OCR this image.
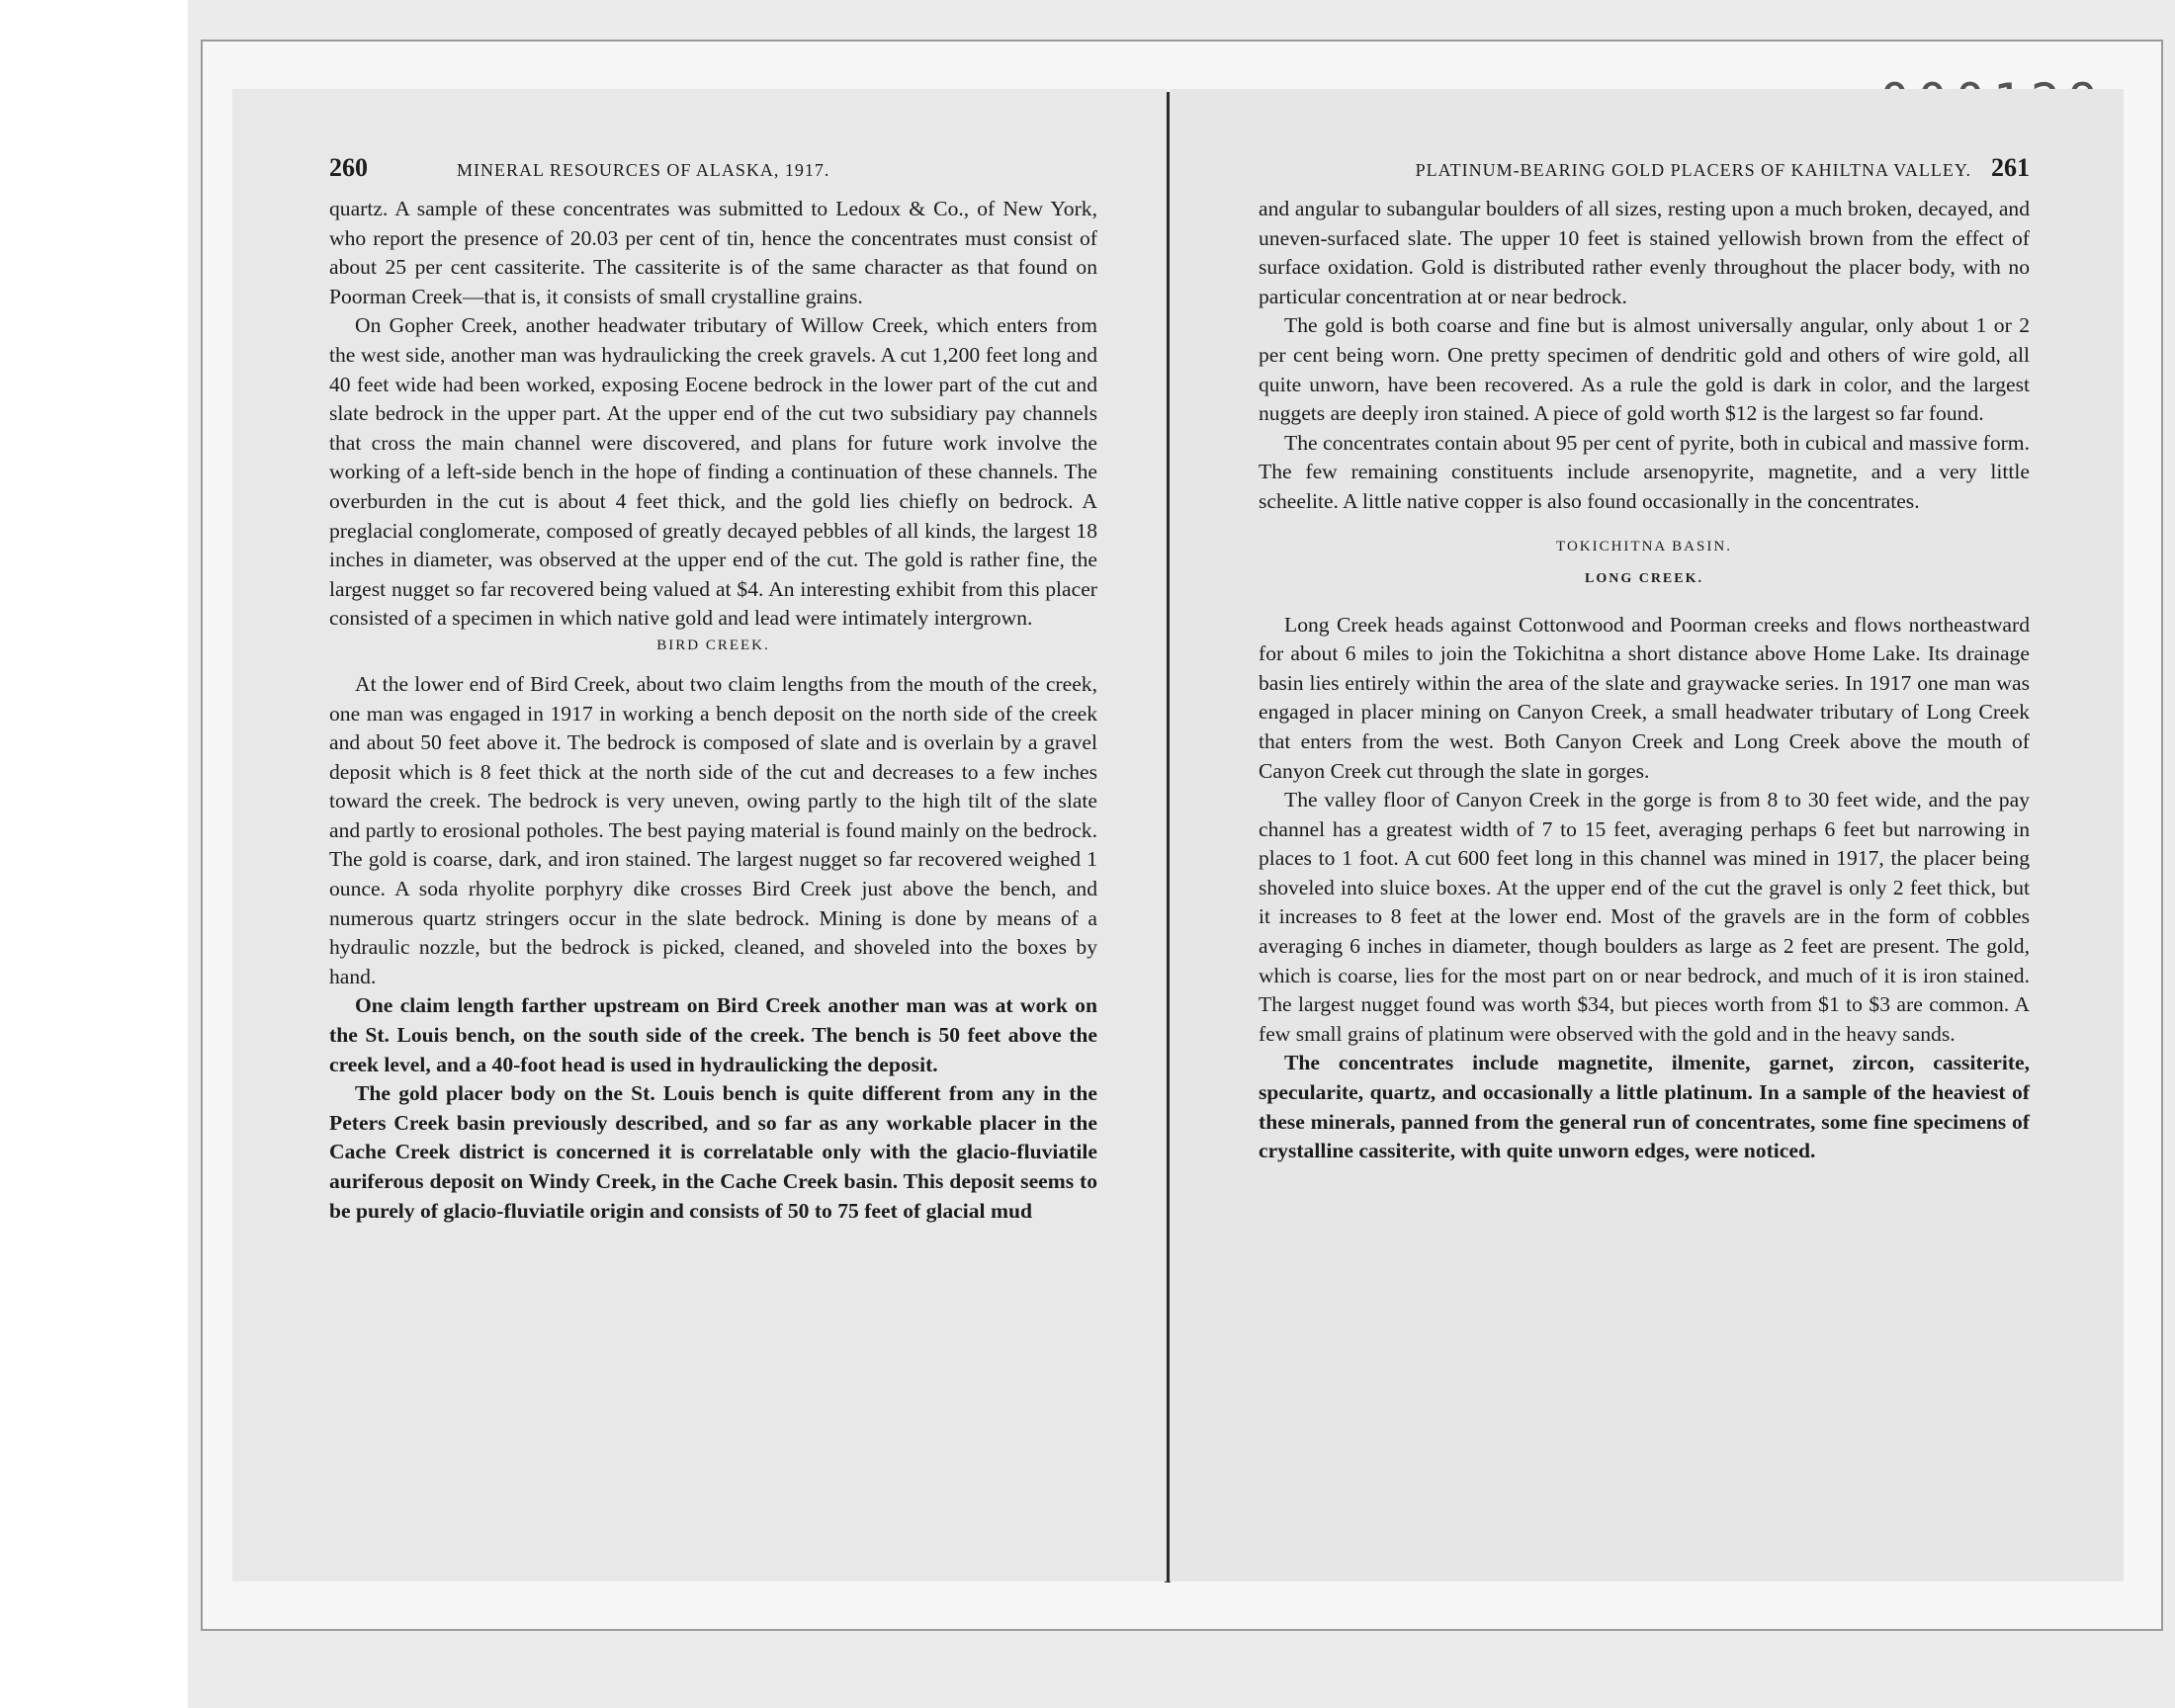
260	MINERAL RESOURCES OF ALASKA, 1917.

quartz. A sample of these concentrates was submitted to Ledoux & Co., of New York, who report the presence of 20.03 per cent of tin, hence the concentrates must consist of about 25 per cent cassiterite. The cassiterite is of the same character as that found on Poorman Creek—that is, it consists of small crystalline grains.

On Gopher Creek, another headwater tributary of Willow Creek, which enters from the west side, another man was hydraulicking the creek gravels. A cut 1,200 feet long and 40 feet wide had been worked, exposing Eocene bedrock in the lower part of the cut and slate bedrock in the upper part. At the upper end of the cut two subsidiary pay channels that cross the main channel were discovered, and plans for future work involve the working of a left-side bench in the hope of finding a continuation of these channels. The overburden in the cut is about 4 feet thick, and the gold lies chiefly on bedrock. A preglacial conglomerate, composed of greatly decayed pebbles of all kinds, the largest 18 inches in diameter, was observed at the upper end of the cut. The gold is rather fine, the largest nugget so far recovered being valued at $4. An interesting exhibit from this placer consisted of a specimen in which native gold and lead were intimately intergrown.

BIRD CREEK.

At the lower end of Bird Creek, about two claim lengths from the mouth of the creek, one man was engaged in 1917 in working a bench deposit on the north side of the creek and about 50 feet above it. The bedrock is composed of slate and is overlain by a gravel deposit which is 8 feet thick at the north side of the cut and decreases to a few inches toward the creek. The bedrock is very uneven, owing partly to the high tilt of the slate and partly to erosional potholes. The best paying material is found mainly on the bedrock. The gold is coarse, dark, and iron stained. The largest nugget so far recovered weighed 1 ounce. A soda rhyolite porphyry dike crosses Bird Creek just above the bench, and numerous quartz stringers occur in the slate bedrock. Mining is done by means of a hydraulic nozzle, but the bedrock is picked, cleaned, and shoveled into the boxes by hand.

One claim length farther upstream on Bird Creek another man was at work on the St. Louis bench, on the south side of the creek. The bench is 50 feet above the creek level, and a 40-foot head is used in hydraulicking the deposit.

The gold placer body on the St. Louis bench is quite different from any in the Peters Creek basin previously described, and so far as any workable placer in the Cache Creek district is concerned it is correlatable only with the glacio-fluviatile auriferous deposit on Windy Creek, in the Cache Creek basin. This deposit seems to be purely of glacio-fluviatile origin and consists of 50 to 75 feet of glacial mud

PLATINUM-BEARING GOLD PLACERS OF KAHILTNA VALLEY. 261

and angular to subangular boulders of all sizes, resting upon a much broken, decayed, and uneven-surfaced slate. The upper 10 feet is stained yellowish brown from the effect of surface oxidation. Gold is distributed rather evenly throughout the placer body, with no particular concentration at or near bedrock.

The gold is both coarse and fine but is almost universally angular, only about 1 or 2 per cent being worn. One pretty specimen of dendritic gold and others of wire gold, all quite unworn, have been recovered. As a rule the gold is dark in color, and the largest nuggets are deeply iron stained. A piece of gold worth $12 is the largest so far found.

The concentrates contain about 95 per cent of pyrite, both in cubical and massive form. The few remaining constituents include arsenopyrite, magnetite, and a very little scheelite. A little native copper is also found occasionally in the concentrates.

TOKICHITNA BASIN.
LONG CREEK.

Long Creek heads against Cottonwood and Poorman creeks and flows northeastward for about 6 miles to join the Tokichitna a short distance above Home Lake. Its drainage basin lies entirely within the area of the slate and graywacke series. In 1917 one man was engaged in placer mining on Canyon Creek, a small headwater tributary of Long Creek that enters from the west. Both Canyon Creek and Long Creek above the mouth of Canyon Creek cut through the slate in gorges.

The valley floor of Canyon Creek in the gorge is from 8 to 30 feet wide, and the pay channel has a greatest width of 7 to 15 feet, averaging perhaps 6 feet but narrowing in places to 1 foot. A cut 600 feet long in this channel was mined in 1917, the placer being shoveled into sluice boxes. At the upper end of the cut the gravel is only 2 feet thick, but it increases to 8 feet at the lower end. Most of the gravels are in the form of cobbles averaging 6 inches in diameter, though boulders as large as 2 feet are present. The gold, which is coarse, lies for the most part on or near bedrock, and much of it is iron stained. The largest nugget found was worth $34, but pieces worth from $1 to $3 are common. A few small grains of platinum were observed with the gold and in the heavy sands.

The concentrates include magnetite, ilmenite, garnet, zircon, cassiterite, specularite, quartz, and occasionally a little platinum. In a sample of the heaviest of these minerals, panned from the general run of concentrates, some fine specimens of crystalline cassiterite, with quite unworn edges, were noticed.
